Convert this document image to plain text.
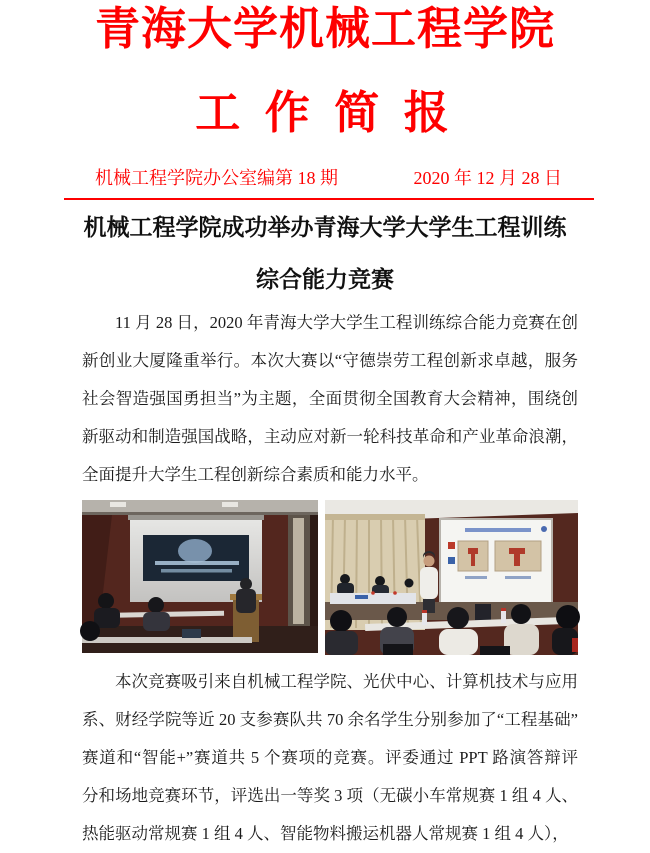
青海大学机械工程学院
工 作 简 报
机械工程学院办公室编第 18 期	2020 年 12 月 28 日
机械工程学院成功举办青海大学大学生工程训练
综合能力竞赛
11 月 28 日，2020 年青海大学大学生工程训练综合能力竞赛在创
新创业大厦隆重举行。本次大赛以“守德崇劳工程创新求卓越，服务
社会智造强国勇担当”为主题，全面贯彻全国教育大会精神，围绕创
新驱动和制造强国战略，主动应对新一轮科技革命和产业革命浪潮，
全面提升大学生工程创新综合素质和能力水平。
本次竞赛吸引来自机械工程学院、光伏中心、计算机技术与应用
系、财经学院等近 20 支参赛队共 70 余名学生分别参加了“工程基础”
赛道和“智能+”赛道共 5 个赛项的竞赛。评委通过 PPT 路演答辩评
分和场地竞赛环节，评选出一等奖 3 项（无碳小车常规赛 1 组 4 人、
热能驱动常规赛 1 组 4 人、智能物料搬运机器人常规赛 1 组 4 人），
